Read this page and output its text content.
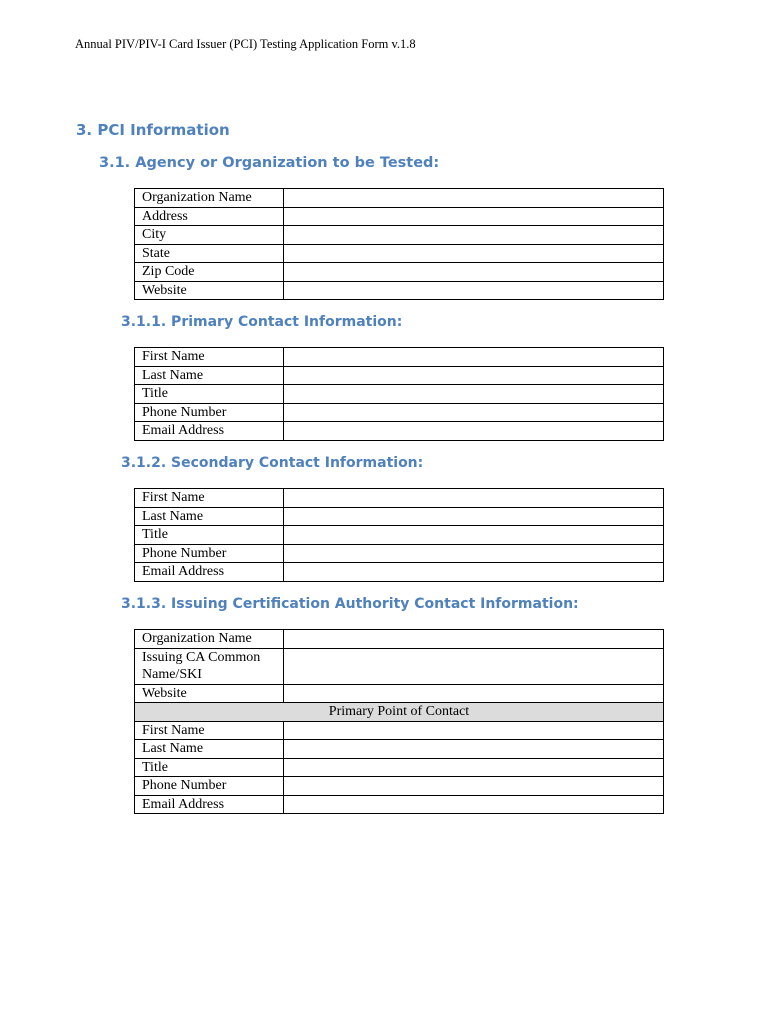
Annual PIV/PIV-I Card Issuer (PCI) Testing Application Form v.1.8
3. PCI Information
3.1. Agency or Organization to be Tested:
Organization Name	
Address	
City	
State	
Zip Code	
Website	
3.1.1. Primary Contact Information:
First Name	
Last Name	
Title	
Phone Number	
Email Address	
3.1.2. Secondary Contact Information:
First Name	
Last Name	
Title	
Phone Number	
Email Address	
3.1.3. Issuing Certification Authority Contact Information:
Organization Name	
Issuing CA Common Name/SKI	
Website	
Primary Point of Contact	
First Name	
Last Name	
Title	
Phone Number	
Email Address	
